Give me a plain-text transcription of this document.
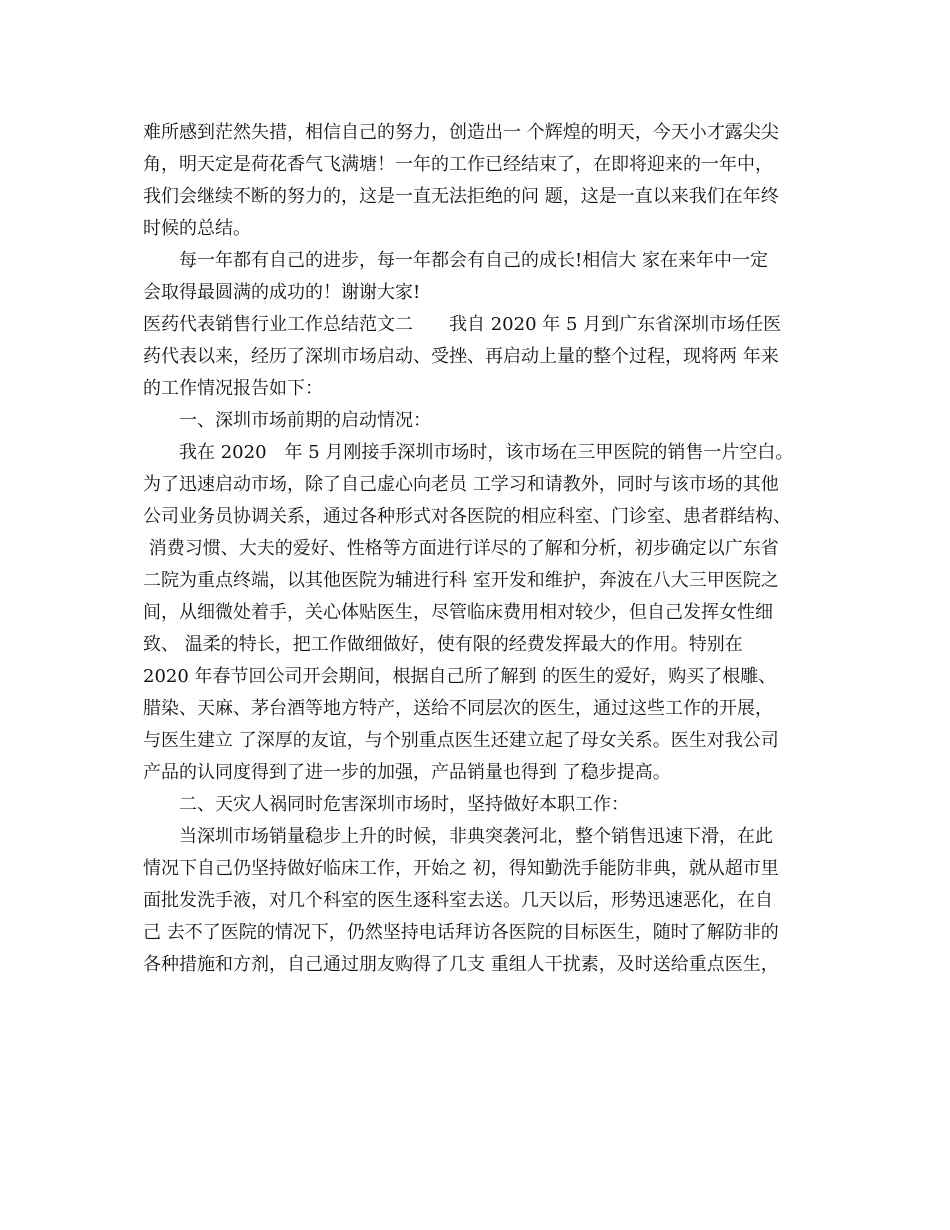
难所感到茫然失措，相信自己的努力，创造出一 个辉煌的明天，今天小才露尖尖
角，明天定是荷花香气飞满塘！一年的工作已经结束了，在即将迎来的一年中，
我们会继续不断的努力的，这是一直无法拒绝的问 题，这是一直以来我们在年终
时候的总结。
每一年都有自己的进步，每一年都会有自己的成长!相信大 家在来年中一定
会取得最圆满的成功的！谢谢大家!
医药代表销售行业工作总结范文二　　我自 2020 年 5 月到广东省深圳市场任医
药代表以来，经历了深圳市场启动、受挫、再启动上量的整个过程，现将两 年来
的工作情况报告如下：
一、深圳市场前期的启动情况：
我在 2020　年 5 月刚接手深圳市场时，该市场在三甲医院的销售一片空白。
为了迅速启动市场，除了自己虚心向老员 工学习和请教外，同时与该市场的其他
公司业务员协调关系，通过各种形式对各医院的相应科室、门诊室、患者群结构、
消费习惯、大夫的爱好、性格等方面进行详尽的了解和分析，初步确定以广东省
二院为重点终端，以其他医院为辅进行科 室开发和维护，奔波在八大三甲医院之
间，从细微处着手，关心体贴医生，尽管临床费用相对较少，但自己发挥女性细
致、 温柔的特长，把工作做细做好，使有限的经费发挥最大的作用。特别在
2020 年春节回公司开会期间，根据自己所了解到 的医生的爱好，购买了根雕、
腊染、天麻、茅台酒等地方特产，送给不同层次的医生，通过这些工作的开展，
与医生建立 了深厚的友谊，与个别重点医生还建立起了母女关系。医生对我公司
产品的认同度得到了进一步的加强，产品销量也得到 了稳步提高。
二、天灾人祸同时危害深圳市场时，坚持做好本职工作：
当深圳市场销量稳步上升的时候，非典突袭河北，整个销售迅速下滑，在此
情况下自己仍坚持做好临床工作，开始之 初，得知勤洗手能防非典，就从超市里
面批发洗手液，对几个科室的医生逐科室去送。几天以后，形势迅速恶化，在自
己 去不了医院的情况下，仍然坚持电话拜访各医院的目标医生，随时了解防非的
各种措施和方剂，自己通过朋友购得了几支 重组人干扰素，及时送给重点医生，
